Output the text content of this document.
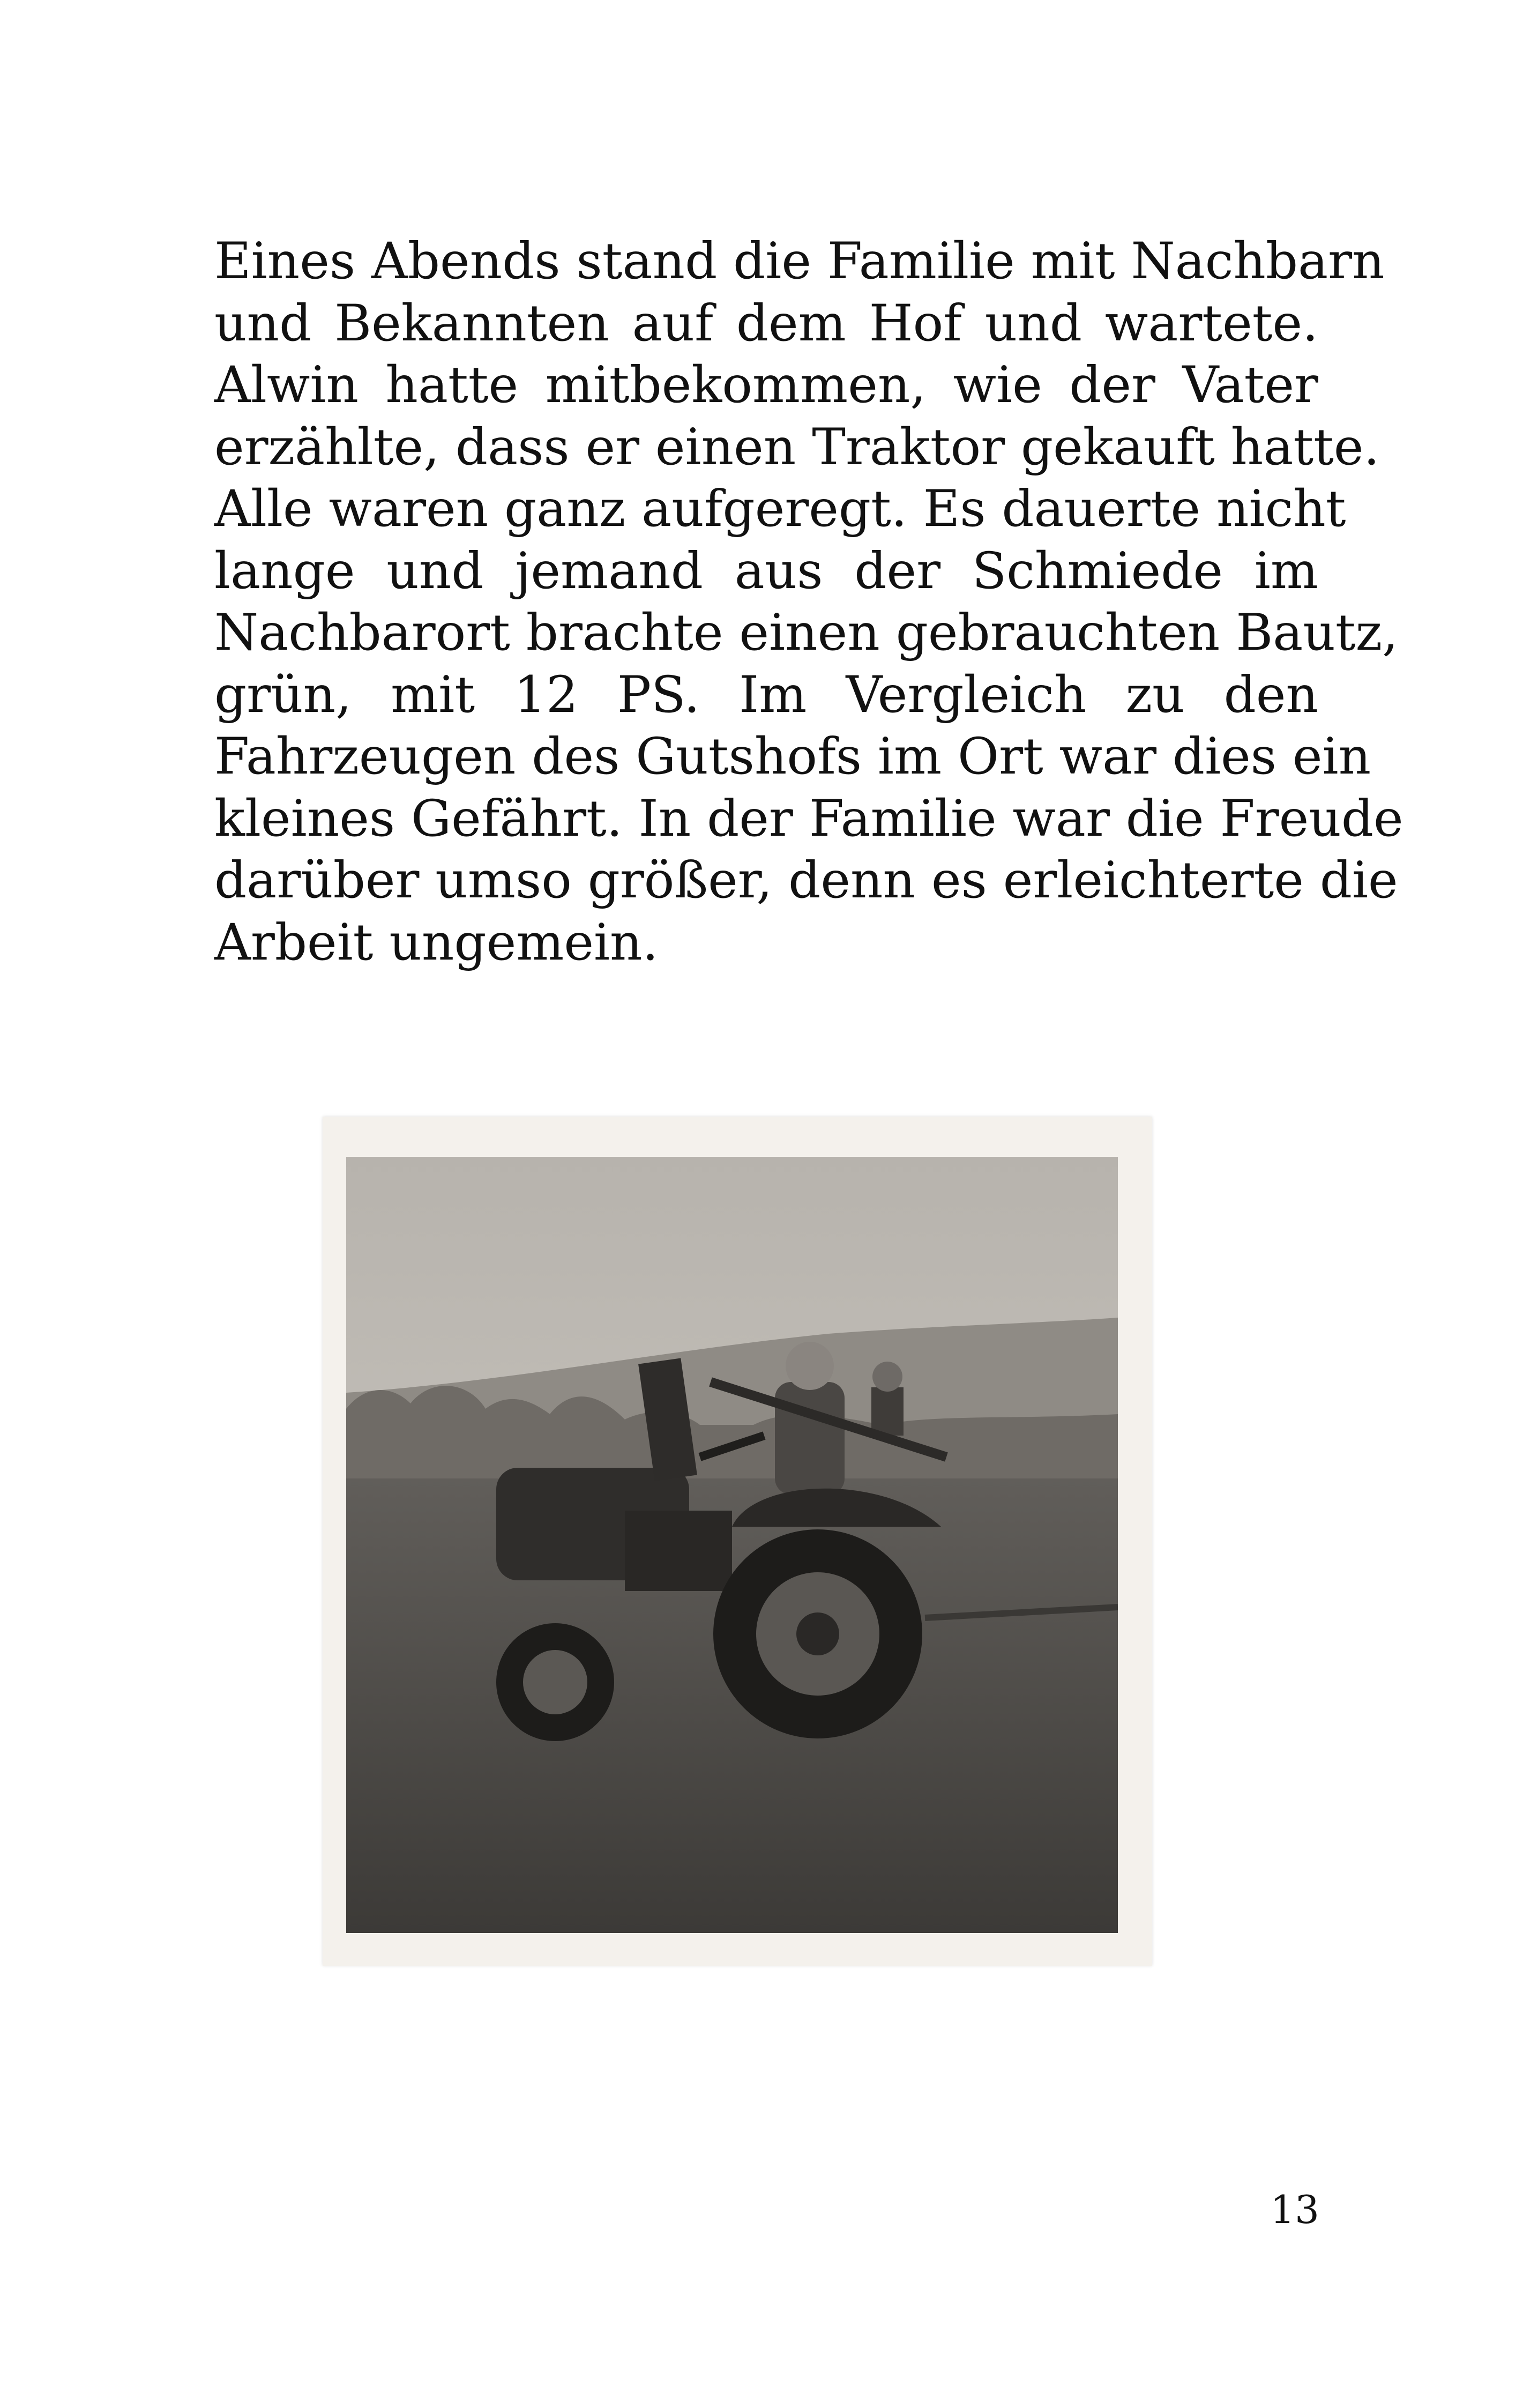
Eines Abends stand die Familie mit Nachbarn
und Bekannten auf dem Hof und wartete.
Alwin hatte mitbekommen, wie der Vater
erzählte, dass er einen Traktor gekauft hatte.
Alle waren ganz aufgeregt. Es dauerte nicht
lange und jemand aus der Schmiede im
Nachbarort brachte einen gebrauchten Bautz,
grün, mit 12 PS. Im Vergleich zu den
Fahrzeugen des Gutshofs im Ort war dies ein
kleines Gefährt. In der Familie war die Freude
darüber umso größer, denn es erleichterte die
Arbeit ungemein.
13
